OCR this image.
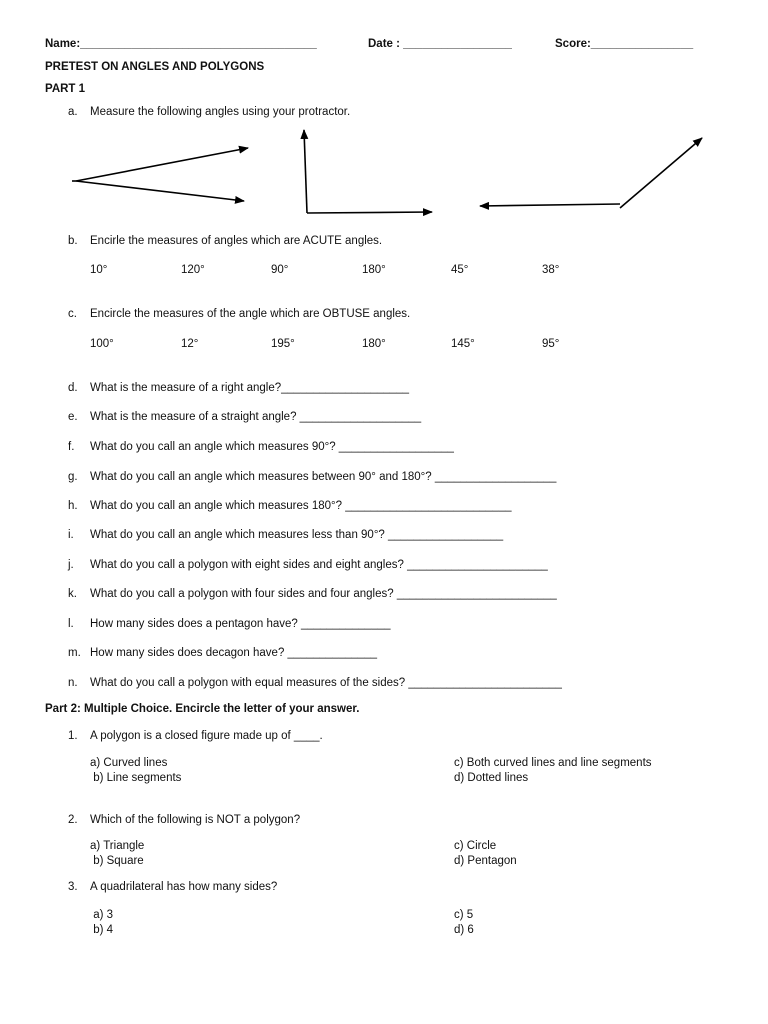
Name:_____________________________________	Date : _________________	Score:________________
PRETEST ON ANGLES AND POLYGONS
PART 1
a. Measure the following angles using your protractor.
b. Encirle the measures of angles which are ACUTE angles.
10°	120°	90°	180°	45°	38°
c. Encircle the measures of the angle which are OBTUSE angles.
100°	12°	195°	180°	145°	95°
d. What is the measure of a right angle?____________________
e. What is the measure of a straight angle? ___________________
f. What do you call an angle which measures 90°? __________________
g. What do you call an angle which measures between 90° and 180°? ___________________
h. What do you call an angle which measures 180°? __________________________
i. What do you call an angle which measures less than 90°? __________________
j. What do you call a polygon with eight sides and eight angles? ______________________
k. What do you call a polygon with four sides and four angles? _________________________
l. How many sides does a pentagon have? ______________
m. How many sides does decagon have? ______________
n. What do you call a polygon with equal measures of the sides? ________________________
Part 2: Multiple Choice. Encircle the letter of your answer.
1. A polygon is a closed figure made up of ____.
a) Curved lines
b) Line segments
c) Both curved lines and line segments
d) Dotted lines
2. Which of the following is NOT a polygon?
a) Triangle
b) Square
c) Circle
d) Pentagon
3. A quadrilateral has how many sides?
a) 3
b) 4
c) 5
d) 6
